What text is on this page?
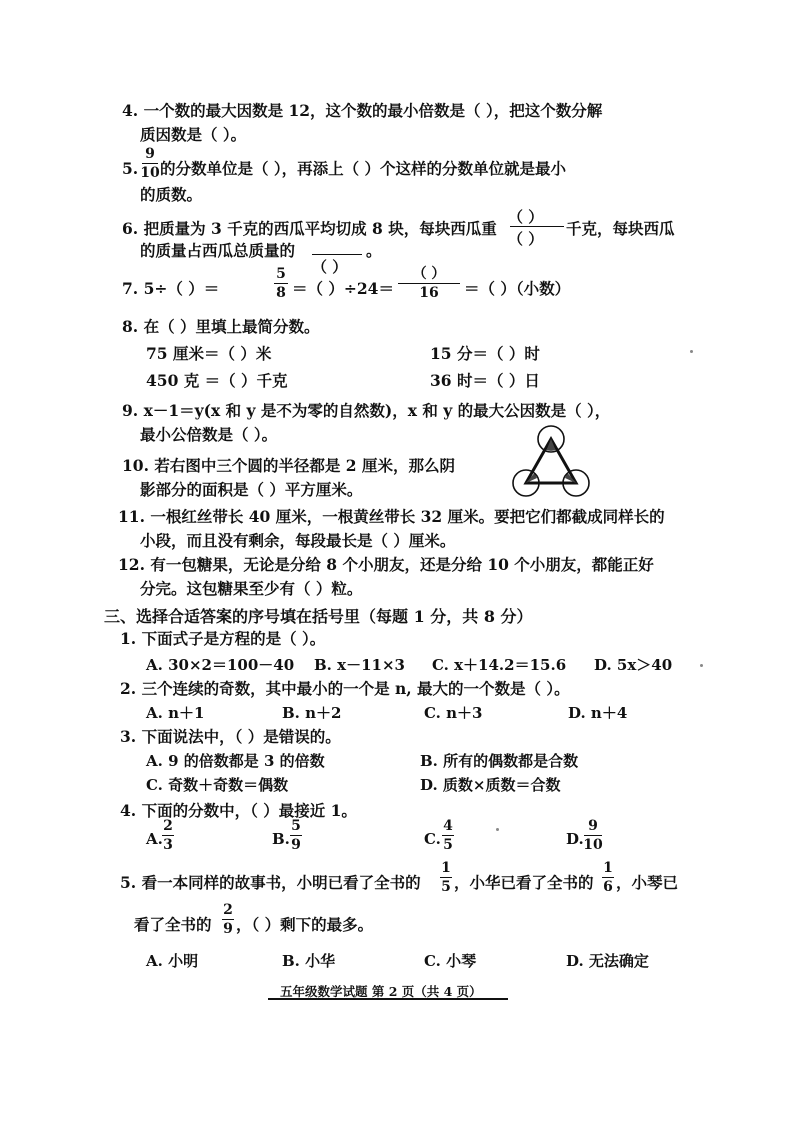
4. 一个数的最大因数是 12，这个数的最小倍数是（ ），把这个数分解
质因数是（ ）。
5.
9
10 的分数单位是（ ），再添上（ ）个这样的分数单位就是最小
的质数。
6. 把质量为 3 千克的西瓜平均切成 8 块，每块西瓜重
（ ）
（ ）
千克，每块西瓜
的质量占西瓜总质量的
（ ）
。
7. 5÷（ ）＝
5
8 ＝（ ）÷24＝
（ ）
16 ＝（ ）（小数）
8. 在（ ）里填上最简分数。
75 厘米＝（ ）米	15 分＝（ ）时
450 克 ＝（ ）千克	36 时＝（ ）日
9. x－1＝y(x 和 y 是不为零的自然数)，x 和 y 的最大公因数是（ ），
最小公倍数是（ ）。
10. 若右图中三个圆的半径都是 2 厘米，那么阴
影部分的面积是（ ）平方厘米。
11. 一根红丝带长 40 厘米，一根黄丝带长 32 厘米。要把它们都截成同样长的
小段，而且没有剩余，每段最长是（ ）厘米。
12. 有一包糖果，无论是分给 8 个小朋友，还是分给 10 个小朋友，都能正好
分完。这包糖果至少有（ ）粒。
三、选择合适答案的序号填在括号里（每题 1 分，共 8 分）
1. 下面式子是方程的是（ ）。
A. 30×2＝100－40 B. x－11×3 C. x＋14.2＝15.6 D. 5x＞40
2. 三个连续的奇数，其中最小的一个是 n, 最大的一个数是（ ）。
A. n＋1	B. n＋2	C. n＋3	D. n＋4
3. 下面说法中，（ ）是错误的。
A. 9 的倍数都是 3 的倍数	B. 所有的偶数都是合数
C. 奇数＋奇数＝偶数	D. 质数×质数＝合数
4. 下面的分数中，（ ）最接近 1。
A.
2
3	B.
5
9	C.
4
5	D.
9
10
5. 看一本同样的故事书，小明已看了全书的
1
5 ，小华已看了全书的
1
6 ，小琴已
看了全书的
2
9 ，（ ）剩下的最多。
A. 小明	B. 小华	C. 小琴	D. 无法确定
五年级数学试题 第 2 页（共 4 页）
